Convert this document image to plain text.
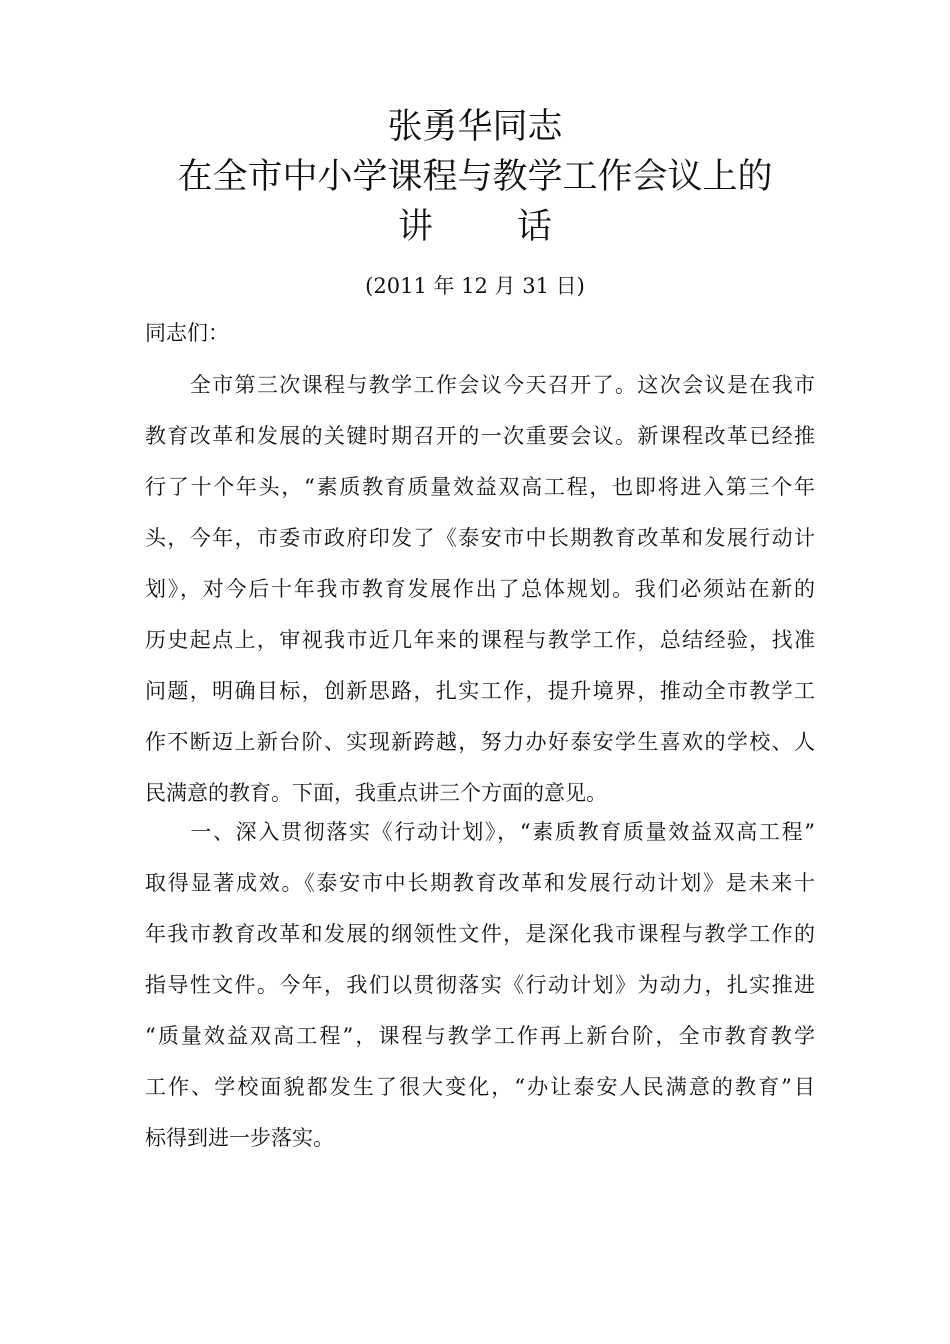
张勇华同志
在全市中小学课程与教学工作会议上的
讲 话
(2011 年 12 月 31 日)
同志们：
　　全市第三次课程与教学工作会议今天召开了。这次会议是在我市
教育改革和发展的关键时期召开的一次重要会议。新课程改革已经推
行了十个年头，“素质教育质量效益双高工程，也即将进入第三个年
头，今年，市委市政府印发了《泰安市中长期教育改革和发展行动计
划》，对今后十年我市教育发展作出了总体规划。我们必须站在新的
历史起点上，审视我市近几年来的课程与教学工作，总结经验，找准
问题，明确目标，创新思路，扎实工作，提升境界，推动全市教学工
作不断迈上新台阶、实现新跨越，努力办好泰安学生喜欢的学校、人
民满意的教育。下面，我重点讲三个方面的意见。
　　一、深入贯彻落实《行动计划》，“素质教育质量效益双高工程”
取得显著成效。《泰安市中长期教育改革和发展行动计划》是未来十
年我市教育改革和发展的纲领性文件，是深化我市课程与教学工作的
指导性文件。今年，我们以贯彻落实《行动计划》为动力，扎实推进
“质量效益双高工程”，课程与教学工作再上新台阶，全市教育教学
工作、学校面貌都发生了很大变化，“办让泰安人民满意的教育”目
标得到进一步落实。
